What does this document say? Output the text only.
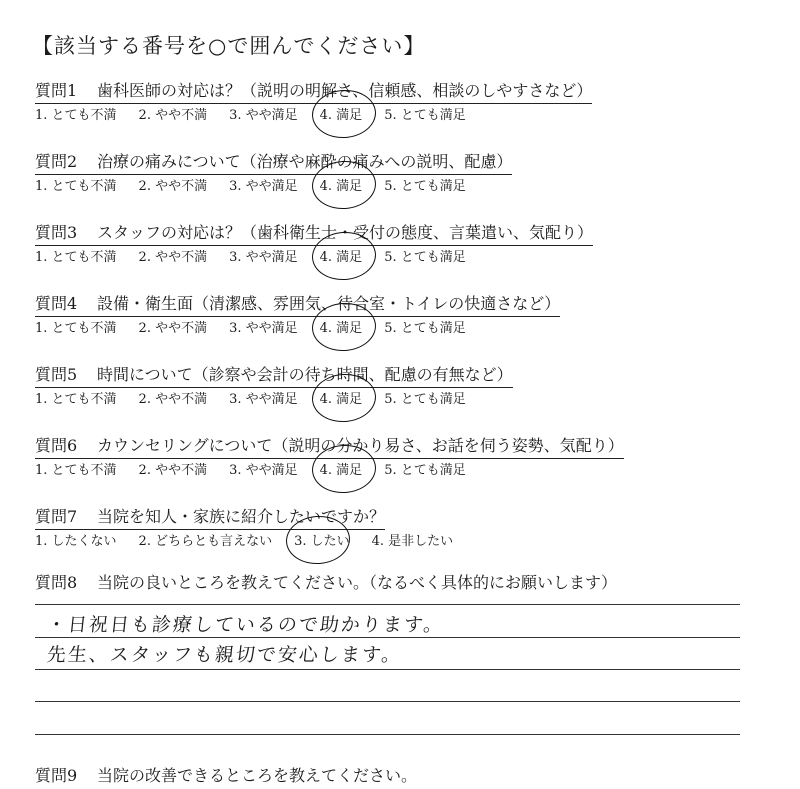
【該当する番号を○で囲んでください】
質問1 歯科医師の対応は？（説明の明解さ、信頼感、相談のしやすさなど）
1. とても不満 2. やや不満 3. やや満足 4. 満足 5. とても満足
質問2 治療の痛みについて（治療や麻酔の痛みへの説明、配慮）
1. とても不満 2. やや不満 3. やや満足 4. 満足 5. とても満足
質問3 スタッフの対応は？（歯科衛生士・受付の態度、言葉遣い、気配り）
1. とても不満 2. やや不満 3. やや満足 4. 満足 5. とても満足
質問4 設備・衛生面（清潔感、雰囲気、待合室・トイレの快適さなど）
1. とても不満 2. やや不満 3. やや満足 4. 満足 5. とても満足
質問5 時間について（診察や会計の待ち時間、配慮の有無など）
1. とても不満 2. やや不満 3. やや満足 4. 満足 5. とても満足
質問6 カウンセリングについて（説明の分かり易さ、お話を伺う姿勢、気配り）
1. とても不満 2. やや不満 3. やや満足 4. 満足 5. とても満足
質問7 当院を知人・家族に紹介したいですか？
1. したくない 2. どちらとも言えない 3. したい 4. 是非したい
質問8 当院の良いところを教えてください。（なるべく具体的にお願いします）
・日祝日も診療しているので助かります。
先生、スタッフも親切で安心します。
質問9 当院の改善できるところを教えてください。
